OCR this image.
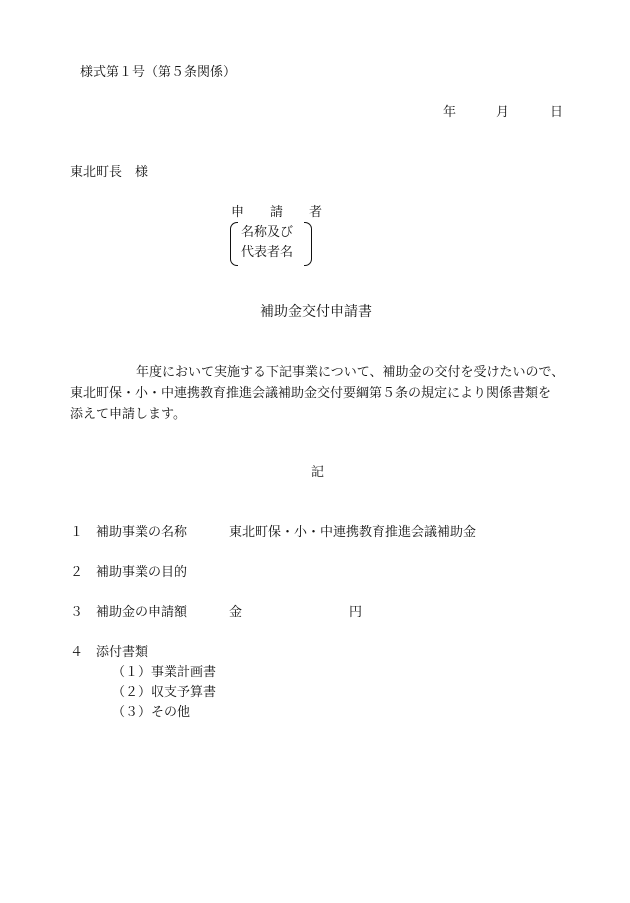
様式第１号（第５条関係）
年	月	日
東北町長　様
申　　請　　者
名称及び
代表者名
補助金交付申請書
年度において実施する下記事業について、補助金の交付を受けたいので、
東北町保・小・中連携教育推進会議補助金交付要綱第５条の規定により関係書類を
添えて申請します。
記
１ 補助事業の名称	東北町保・小・中連携教育推進会議補助金
２ 補助事業の目的
３ 補助金の申請額	金	円
４ 添付書類
（１）事業計画書
（２）収支予算書
（３）その他
